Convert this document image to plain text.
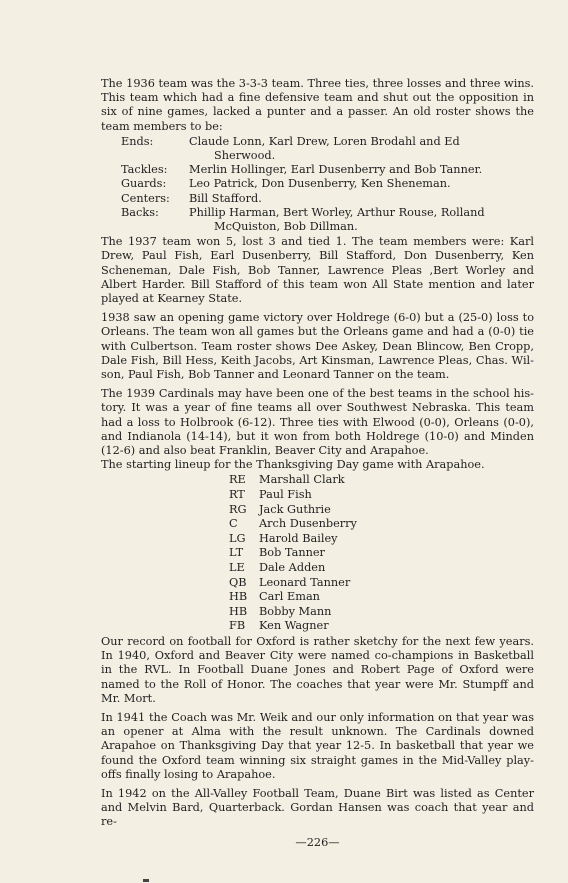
The 1936 team was the 3-3-3 team. Three ties, three losses and three wins. This team which had a fine defensive team and shut out the opposition in six of nine games, lacked a punter and a passer. An old roster shows the team members to be:

Ends:	Claude Lonn, Karl Drew, Loren Brodahl and Ed
Sherwood.
Tackles:	Merlin Hollinger, Earl Dusenberry and Bob Tanner.
Guards:	Leo Patrick, Don Dusenberry, Ken Sheneman.
Centers:	Bill Stafford.
Backs:	Phillip Harman, Bert Worley, Arthur Rouse, Rolland
McQuiston, Bob Dillman.

The 1937 team won 5, lost 3 and tied 1. The team members were: Karl Drew, Paul Fish, Earl Dusenberry, Bill Stafford, Don Dusenberry, Ken Scheneman, Dale Fish, Bob Tanner, Lawrence Pleas ,Bert Worley and Albert Harder. Bill Stafford of this team won All State mention and later played at Kearney State.

1938 saw an opening game victory over Holdrege (6-0) but a (25-0) loss to Orleans. The team won all games but the Orleans game and had a (0-0) tie with Culbertson. Team roster shows Dee Askey, Dean Blincow, Ben Cropp, Dale Fish, Bill Hess, Keith Jacobs, Art Kinsman, Lawrence Pleas, Chas. Wilson, Paul Fish, Bob Tanner and Leonard Tanner on the team.

The 1939 Cardinals may have been one of the best teams in the school history. It was a year of fine teams all over Southwest Nebraska. This team had a loss to Holbrook (6-12). Three ties with Elwood (0-0), Orleans (0-0), and Indianola (14-14), but it won from both Holdrege (10-0) and Minden (12-6) and also beat Franklin, Beaver City and Arapahoe.

The starting lineup for the Thanksgiving Day game with Arapahoe.

RE	Marshall Clark
RT	Paul Fish
RG	Jack Guthrie
C	Arch Dusenberry
LG	Harold Bailey
LT	Bob Tanner
LE	Dale Adden
QB	Leonard Tanner
HB	Carl Eman
HB	Bobby Mann
FB	Ken Wagner

Our record on football for Oxford is rather sketchy for the next few years. In 1940, Oxford and Beaver City were named co-champions in Basketball in the RVL. In Football Duane Jones and Robert Page of Oxford were named to the Roll of Honor. The coaches that year were Mr. Stumpff and Mr. Mort.

In 1941 the Coach was Mr. Weik and our only information on that year was an opener at Alma with the result unknown. The Cardinals downed Arapahoe on Thanksgiving Day that year 12-5. In basketball that year we found the Oxford team winning six straight games in the Mid-Valley playoffs finally losing to Arapahoe.

In 1942 on the All-Valley Football Team, Duane Birt was listed as Center and Melvin Bard, Quarterback. Gordan Hansen was coach that year and re-

—226—
